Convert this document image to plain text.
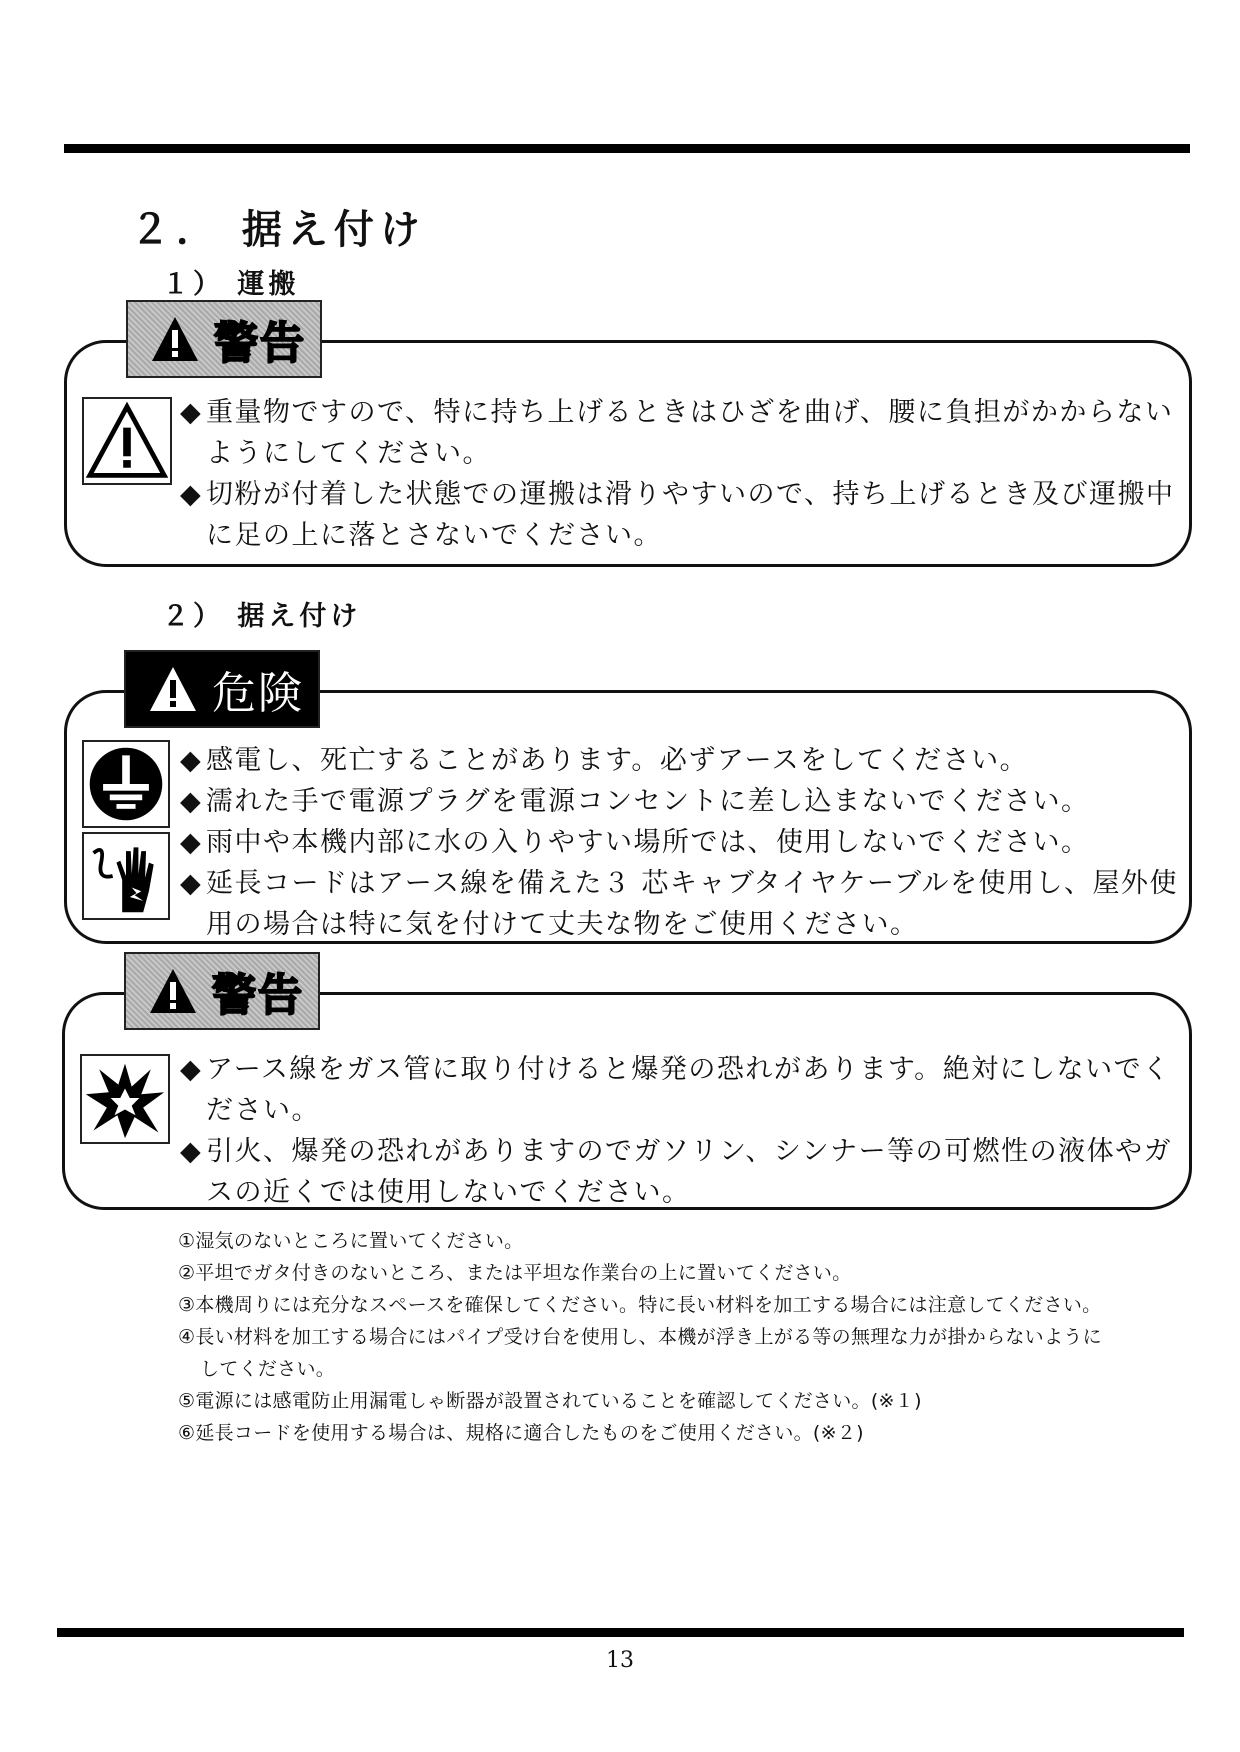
２． 据え付け
１） 運搬
警告
◆ 重量物ですので、特に持ち上げるときはひざを曲げ、腰に負担がかからない
ようにしてください。
◆ 切粉が付着した状態での運搬は滑りやすいので、持ち上げるとき及び運搬中
に足の上に落とさないでください。
２） 据え付け
危険
◆ 感電し、死亡することがあります。必ずアースをしてください。
◆ 濡れた手で電源プラグを電源コンセントに差し込まないでください。
◆ 雨中や本機内部に水の入りやすい場所では、使用しないでください。
◆ 延長コードはアース線を備えた３ 芯キャブタイヤケーブルを使用し、屋外使
用の場合は特に気を付けて丈夫な物をご使用ください。
警告
◆ アース線をガス管に取り付けると爆発の恐れがあります。絶対にしないでく
ださい。
◆ 引火、爆発の恐れがありますのでガソリン、シンナー等の可燃性の液体やガ
スの近くでは使用しないでください。
①湿気のないところに置いてください。
②平坦でガタ付きのないところ、または平坦な作業台の上に置いてください。
③本機周りには充分なスペースを確保してください。特に長い材料を加工する場合には注意してください。
④長い材料を加工する場合にはパイプ受け台を使用し、本機が浮き上がる等の無理な力が掛からないように
してください。
⑤電源には感電防止用漏電しゃ断器が設置されていることを確認してください。(※１)
⑥延長コードを使用する場合は、規格に適合したものをご使用ください。(※２)
13
